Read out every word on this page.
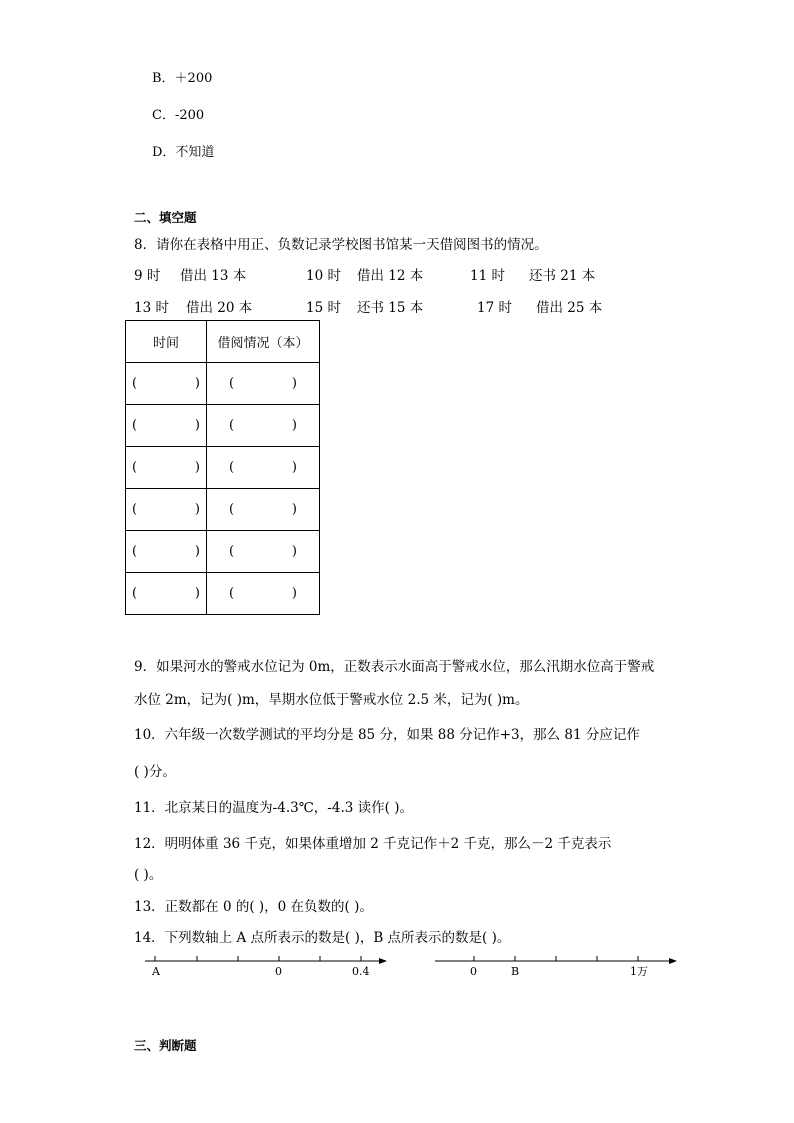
B．＋200
C．-200
D．不知道
二、填空题
8．请你在表格中用正、负数记录学校图书馆某一天借阅图书的情况。
9 时 借出 13 本	10 时 借出 12 本	11 时 还书 21 本
13 时 借出 20 本	15 时 还书 15 本	17 时 借出 25 本
时间	借阅情况（本）

( )	( )

( )	( )

( )	( )

( )	( )

( )	( )

( )	( )
9．如果河水的警戒水位记为 0m，正数表示水面高于警戒水位，那么汛期水位高于警戒
水位 2m，记为( )m，旱期水位低于警戒水位 2.5 米，记为( )m。
10．六年级一次数学测试的平均分是 85 分，如果 88 分记作+3，那么 81 分应记作
( )分。
11．北京某日的温度为-4.3℃，-4.3 读作( )。
12．明明体重 36 千克，如果体重增加 2 千克记作＋2 千克，那么－2 千克表示
( )。
13．正数都在 0 的( )，0 在负数的( )。
14．下列数轴上 A 点所表示的数是( )，B 点所表示的数是( )。
A	0	0.4	0	B	1万
三、判断题
